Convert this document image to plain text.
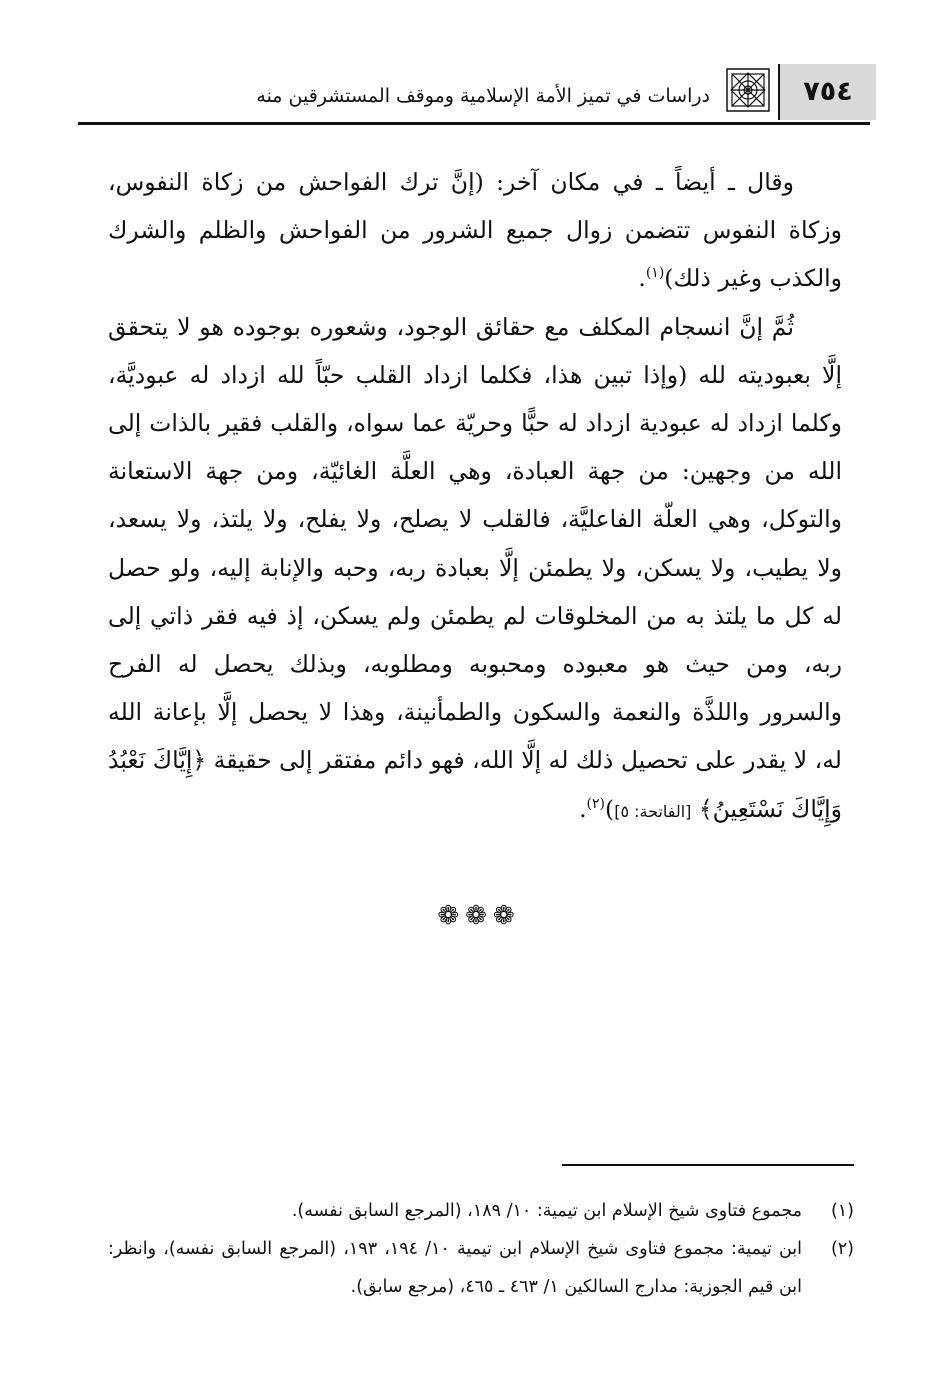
دراسات في تميز الأمة الإسلامية وموقف المستشرقين منه	٧٥٤

وقال ـ أيضاً ـ في مكان آخر: (إنَّ ترك الفواحش من زكاة النفوس، وزكاة النفوس تتضمن زوال جميع الشرور من الفواحش والظلم والشرك والكذب وغير ذلك)$^{(١)}$.

ثُمَّ إنَّ انسجام المكلف مع حقائق الوجود، وشعوره بوجوده هو لا يتحقق إلَّا بعبوديته لله (وإذا تبين هذا، فكلما ازداد القلب حبّاً لله ازداد له عبوديَّة، وكلما ازداد له عبودية ازداد له حبًّا وحريّة عما سواه، والقلب فقير بالذات إلى الله من وجهين: من جهة العبادة، وهي العلَّة الغائيّة، ومن جهة الاستعانة والتوكل، وهي العلّة الفاعليَّة، فالقلب لا يصلح، ولا يفلح، ولا يلتذ، ولا يسعد، ولا يطيب، ولا يسكن، ولا يطمئن إلَّا بعبادة ربه، وحبه والإنابة إليه، ولو حصل له كل ما يلتذ به من المخلوقات لم يطمئن ولم يسكن، إذ فيه فقر ذاتي إلى ربه، ومن حيث هو معبوده ومحبوبه ومطلوبه، وبذلك يحصل له الفرح والسرور واللذَّة والنعمة والسكون والطمأنينة، وهذا لا يحصل إلَّا بإعانة الله له، لا يقدر على تحصيل ذلك له إلَّا الله، فهو دائم مفتقر إلى حقيقة ﴿إِيَّاكَ نَعْبُدُ وَإِيَّاكَ نَسْتَعِينُ﴾ [الفاتحة: ٥])$^{(٢)}$.

❁❁❁
(١)
مجموع فتاوى شيخ الإسلام ابن تيمية: ١٠/ ١٨٩، (المرجع السابق نفسه).
(٢)
ابن تيمية: مجموع فتاوى شيخ الإسلام ابن تيمية ١٠/ ١٩٤، ١٩٣، (المرجع السابق نفسه)، وانظر: ابن قيم الجوزية: مدارج السالكين ١/ ٤٦٣ ـ ٤٦٥، (مرجع سابق).
